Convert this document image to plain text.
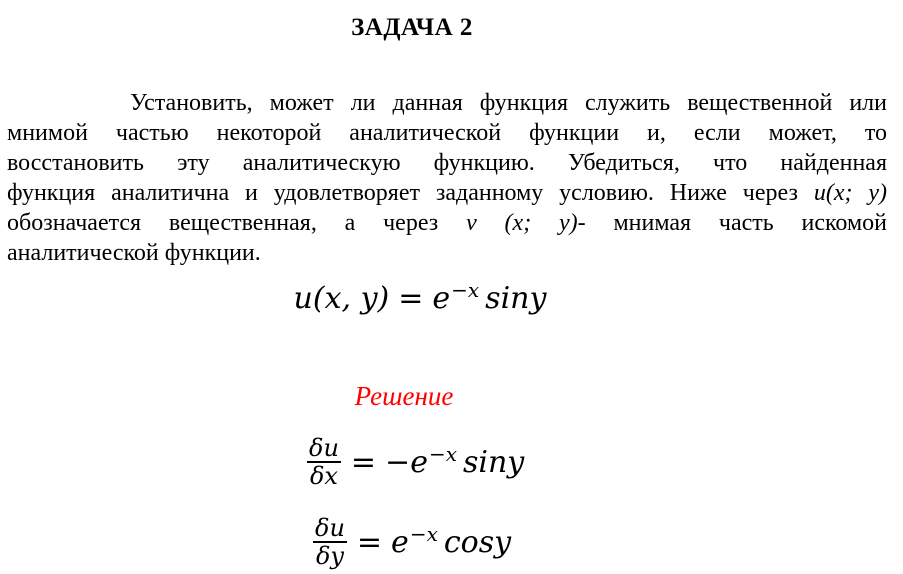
ЗАДАЧА 2
Установить, может ли данная функция служить вещественной или
мнимой частью некоторой аналитической функции и, если может, то
восстановить эту аналитическую функцию. Убедиться, что найденная
функция аналитична и удовлетворяет заданному условию. Ниже через u(x; y)
обозначается вещественная, а через v (x; y)- мнимая часть искомой
аналитической функции.
u(x, $y) = e^{-x}$ siny
Решение
$\frac{\delta u}{\delta x} = -e^{-x}$ siny
$\frac{\delta u}{\delta y} = e^{-x}$ cosy
